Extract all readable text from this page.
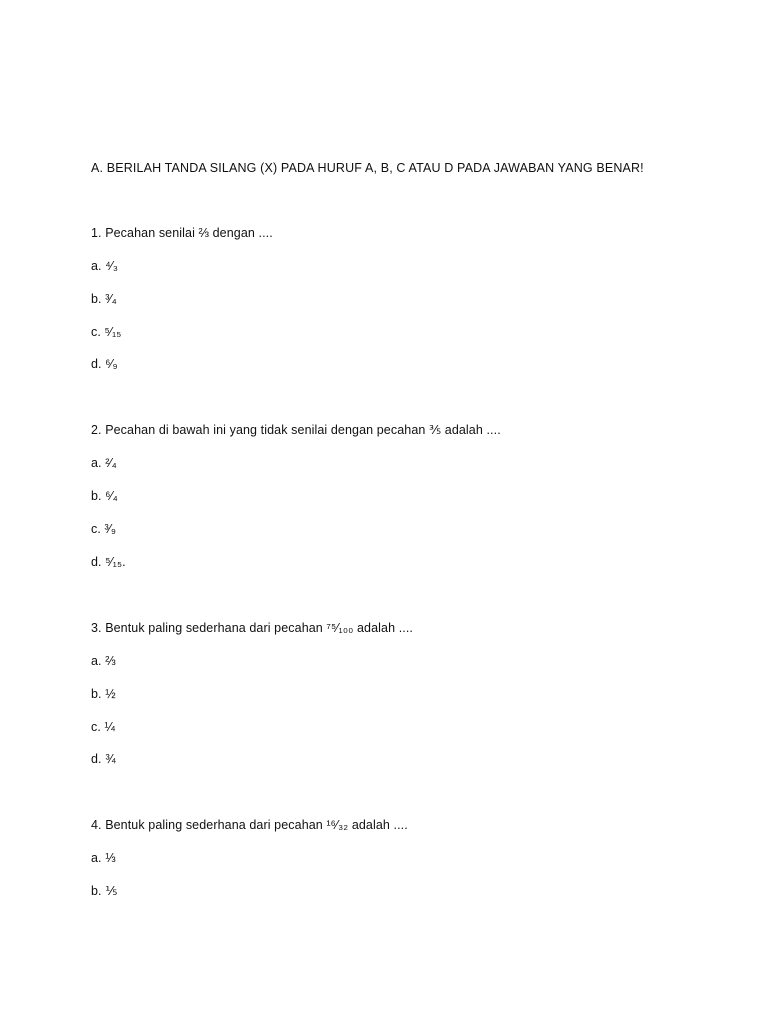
A. BERILAH TANDA SILANG (X) PADA HURUF A, B, C ATAU D PADA JAWABAN YANG BENAR!
1. Pecahan senilai ⅔ dengan ....
a. ⁴⁄₃
b. ³⁄₄
c. ⁵⁄₁₅
d. ⁶⁄₉
2. Pecahan di bawah ini yang tidak senilai dengan pecahan ⅗ adalah ....
a. ²⁄₄
b. ⁶⁄₄
c. ³⁄₉
d. ⁵⁄₁₅.
3. Bentuk paling sederhana dari pecahan ⁷⁵⁄₁₀₀ adalah ....
a. ⅔
b. ½
c. ¼
d. ¾
4. Bentuk paling sederhana dari pecahan ¹⁶⁄₃₂ adalah ....
a. ⅓
b. ⅕
